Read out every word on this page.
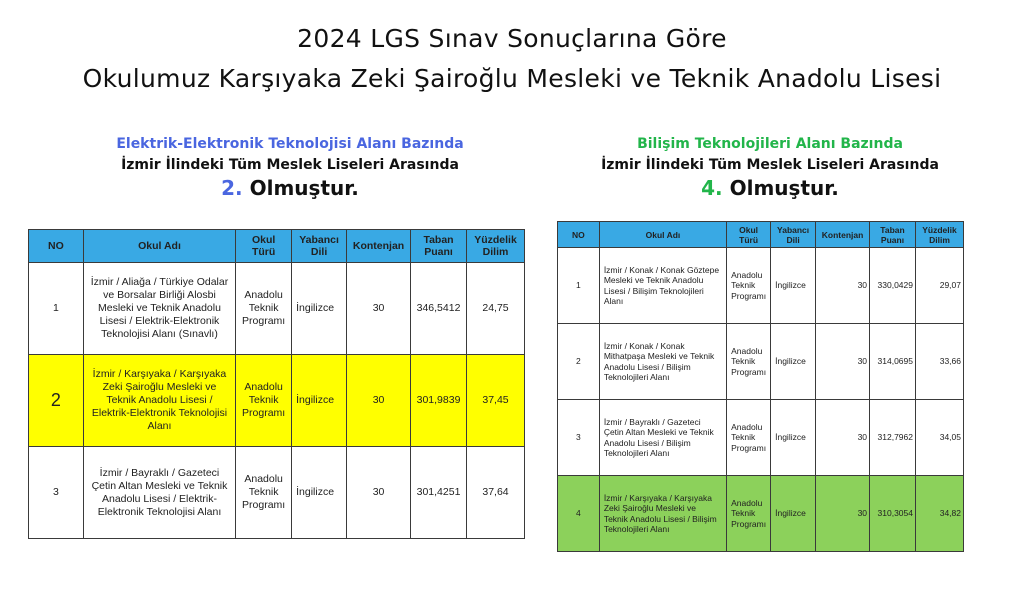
2024 LGS Sınav Sonuçlarına Göre
Okulumuz Karşıyaka Zeki Şairoğlu Mesleki ve Teknik Anadolu Lisesi
Elektrik-Elektronik Teknolojisi Alanı Bazında
İzmir İlindeki Tüm Meslek Liseleri Arasında
2. Olmuştur.
Bilişim Teknolojileri Alanı Bazında
İzmir İlindeki Tüm Meslek Liseleri Arasında
4. Olmuştur.
NO	Okul Adı	Okul Türü	Yabancı Dili	Kontenjan	Taban Puanı	Yüzdelik Dilim
1	İzmir / Aliağa / Türkiye Odalar ve Borsalar Birliği Alosbi Mesleki ve Teknik Anadolu Lisesi / Elektrik-Elektronik Teknolojisi Alanı (Sınavlı)	Anadolu Teknik Programı	İngilizce	30	346,5412	24,75
2	İzmir / Karşıyaka / Karşıyaka Zeki Şairoğlu Mesleki ve Teknik Anadolu Lisesi / Elektrik-Elektronik Teknolojisi Alanı	Anadolu Teknik Programı	İngilizce	30	301,9839	37,45
3	İzmir / Bayraklı / Gazeteci Çetin Altan Mesleki ve Teknik Anadolu Lisesi / Elektrik-Elektronik Teknolojisi Alanı	Anadolu Teknik Programı	İngilizce	30	301,4251	37,64
NO	Okul Adı	Okul Türü	Yabancı Dili	Kontenjan	Taban Puanı	Yüzdelik Dilim
1	İzmir / Konak / Konak Göztepe Mesleki ve Teknik Anadolu Lisesi / Bilişim Teknolojileri Alanı	Anadolu Teknik Programı	İngilizce	30	330,0429	29,07
2	İzmir / Konak / Konak Mithatpaşa Mesleki ve Teknik Anadolu Lisesi / Bilişim Teknolojileri Alanı	Anadolu Teknik Programı	İngilizce	30	314,0695	33,66
3	İzmir / Bayraklı / Gazeteci Çetin Altan Mesleki ve Teknik Anadolu Lisesi / Bilişim Teknolojileri Alanı	Anadolu Teknik Programı	İngilizce	30	312,7962	34,05
4	İzmir / Karşıyaka / Karşıyaka Zeki Şairoğlu Mesleki ve Teknik Anadolu Lisesi / Bilişim Teknolojileri Alanı	Anadolu Teknik Programı	İngilizce	30	310,3054	34,82
